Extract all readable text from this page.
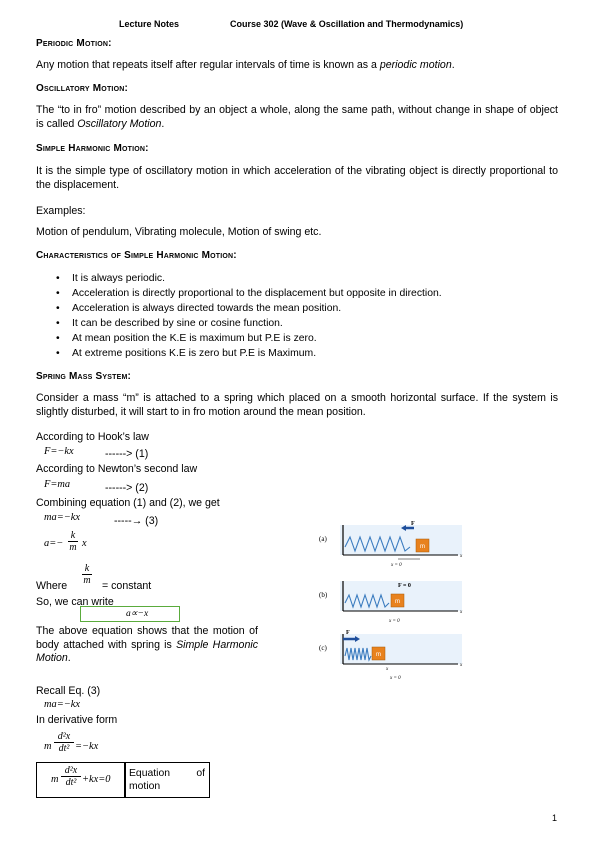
Lecture Notes	Course 302 (Wave & Oscillation and Thermodynamics)
Periodic Motion:
Any motion that repeats itself after regular intervals of time is known as a periodic motion.
Oscillatory Motion:
The “to in fro” motion described by an object a whole, along the same path, without change in shape of object is called Oscillatory Motion.
Simple Harmonic Motion:
It is the simple type of oscillatory motion in which acceleration of the vibrating object is directly proportional to the displacement.
Examples:
Motion of pendulum, Vibrating molecule, Motion of swing etc.
Characteristics of Simple Harmonic Motion:
• It is always periodic.
• Acceleration is directly proportional to the displacement but opposite in direction.
• Acceleration is always directed towards the mean position.
• It can be described by sine or cosine function.
• At mean position the K.E is maximum but P.E is zero.
• At extreme positions K.E is zero but P.E is Maximum.
Spring Mass System:
Consider a mass “m” is attached to a spring which placed on a smooth horizontal surface. If the system is slightly disturbed, it will start to in fro motion around the mean position.
According to Hook’s law
F=−kx	------> (1)
According to Newton’s second law
F=ma	------> (2)
Combining equation (1) and (2), we get
ma=−kx	-----→ (3)
$a=- \frac{k}{m}$ x
Where $\frac{k}{m}$ = constant
So, we can write
a∝−x
The above equation shows that the motion of body attached with spring is Simple Harmonic Motion.
Recall Eq. (3)
ma=−kx
In derivative form
m $\frac{\text{d²x}}{\text{dt²}} =-kx$
m $\frac{\text{d²x}}{\text{dt²}} +kx=0$
Equation of motion
(a)
m
F
x
x = 0
(b)
m
F = 0
x
x = 0
(c)
m
F
x
x
x = 0
1
